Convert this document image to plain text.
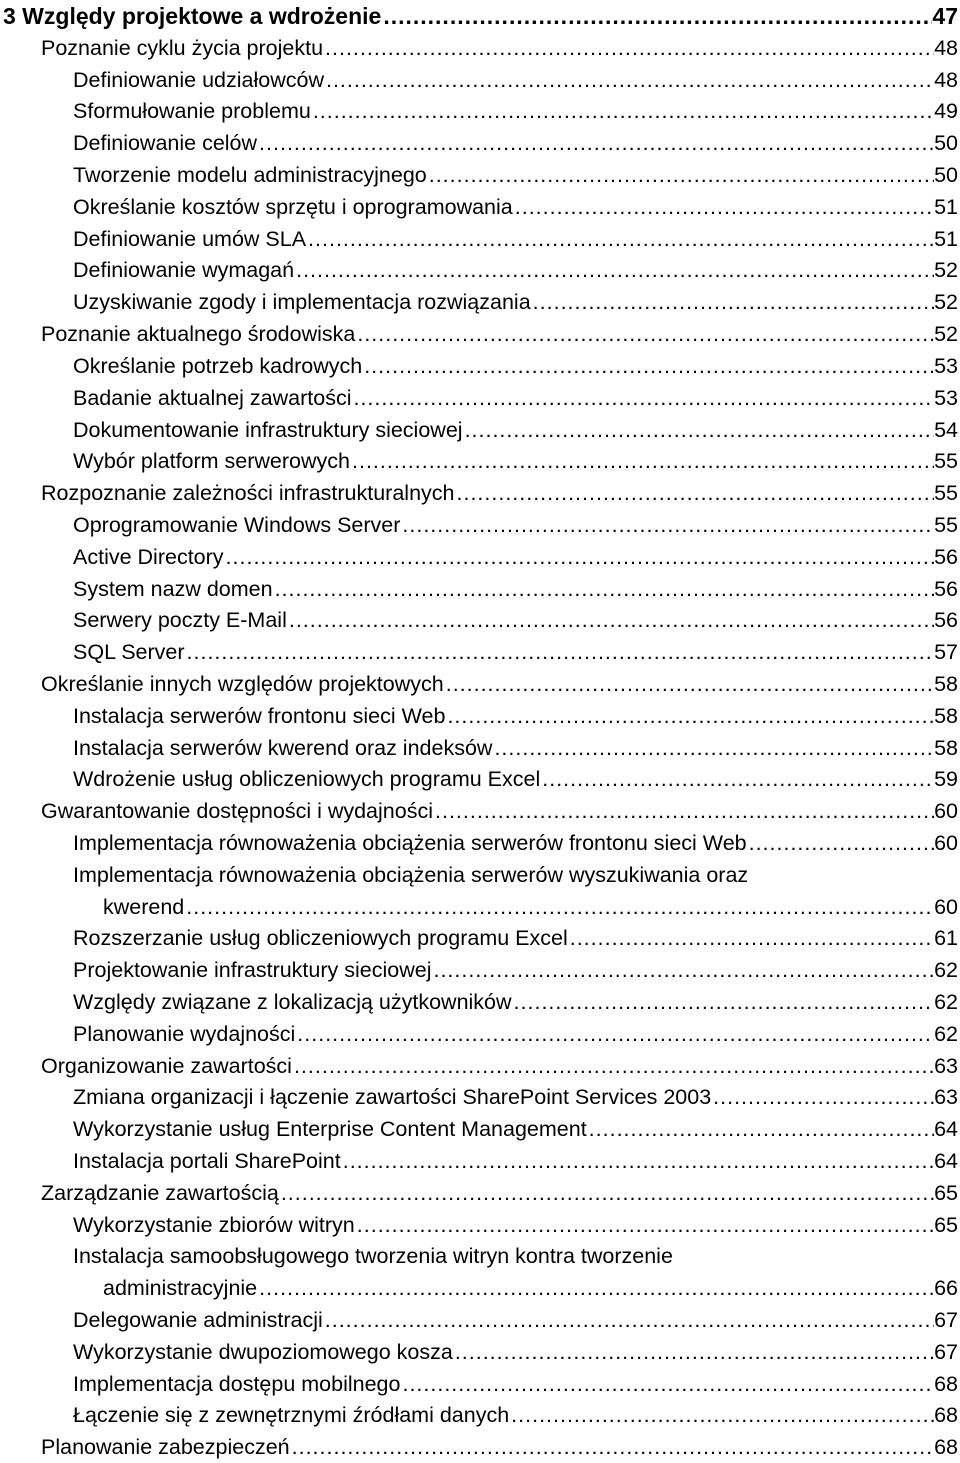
3 Względy projektowe a wdrożenie .....	47
Poznanie cyklu życia projektu .....	48
Definiowanie udziałowców .....	48
Sformułowanie problemu .....	49
Definiowanie celów .....	50
Tworzenie modelu administracyjnego .....	50
Określanie kosztów sprzętu i oprogramowania .....	51
Definiowanie umów SLA .....	51
Definiowanie wymagań .....	52
Uzyskiwanie zgody i implementacja rozwiązania .....	52
Poznanie aktualnego środowiska .....	52
Określanie potrzeb kadrowych .....	53
Badanie aktualnej zawartości .....	53
Dokumentowanie infrastruktury sieciowej .....	54
Wybór platform serwerowych .....	55
Rozpoznanie zależności infrastrukturalnych .....	55
Oprogramowanie Windows Server .....	55
Active Directory .....	56
System nazw domen .....	56
Serwery poczty E-Mail .....	56
SQL Server .....	57
Określanie innych względów projektowych .....	58
Instalacja serwerów frontonu sieci Web .....	58
Instalacja serwerów kwerend oraz indeksów .....	58
Wdrożenie usług obliczeniowych programu Excel .....	59
Gwarantowanie dostępności i wydajności .....	60
Implementacja równoważenia obciążenia serwerów frontonu sieci Web .....	60
Implementacja równoważenia obciążenia serwerów wyszukiwania oraz
kwerend .....	60
Rozszerzanie usług obliczeniowych programu Excel .....	61
Projektowanie infrastruktury sieciowej .....	62
Względy związane z lokalizacją użytkowników .....	62
Planowanie wydajności .....	62
Organizowanie zawartości .....	63
Zmiana organizacji i łączenie zawartości SharePoint Services 2003 .....	63
Wykorzystanie usług Enterprise Content Management .....	64
Instalacja portali SharePoint .....	64
Zarządzanie zawartością .....	65
Wykorzystanie zbiorów witryn .....	65
Instalacja samoobsługowego tworzenia witryn kontra tworzenie
administracyjnie .....	66
Delegowanie administracji .....	67
Wykorzystanie dwupoziomowego kosza .....	67
Implementacja dostępu mobilnego .....	68
Łączenie się z zewnętrznymi źródłami danych .....	68
Planowanie zabezpieczeń .....	68
